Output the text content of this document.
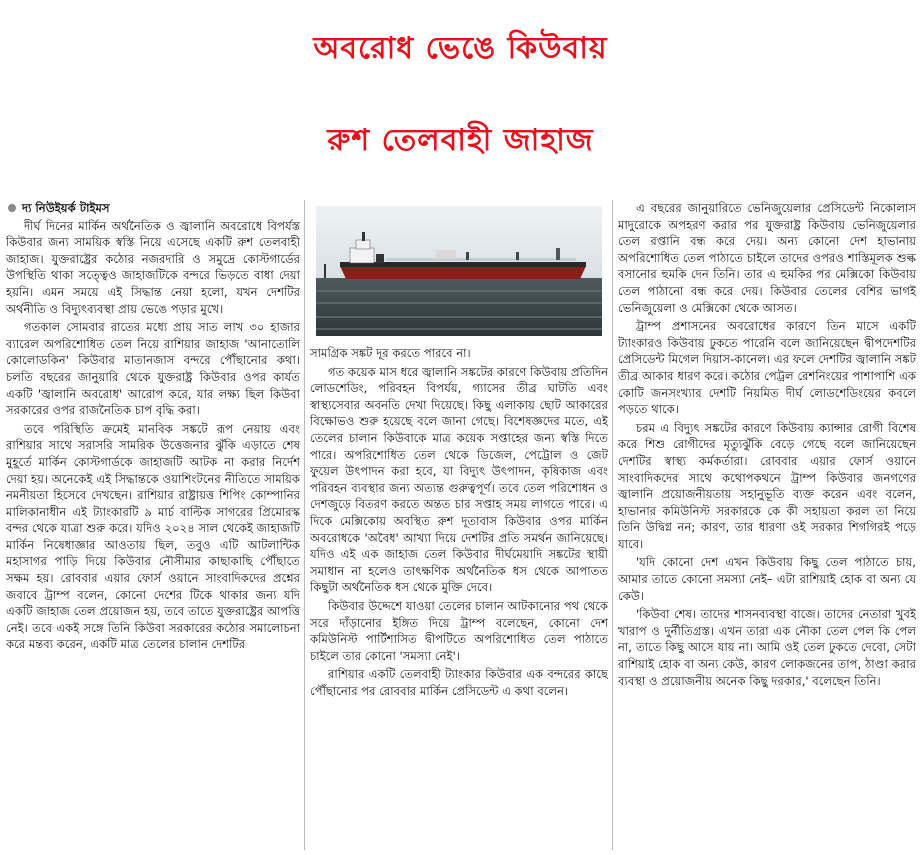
অবরোধ ভেঙে কিউবায়
রুশ তেলবাহী জাহাজ
দ্য নিউইয়র্ক টাইমস

দীর্ঘ দিনের মার্কিন অর্থনৈতিক ও জ্বালানি অবরোধে বিপর্যস্ত কিউবার জন্য সাময়িক স্বস্তি নিয়ে এসেছে একটি রুশ তেলবাহী জাহাজ। যুক্তরাষ্ট্রের কঠোর নজরদারি ও সমুদ্রে কোস্টগার্ডের উপস্থিতি থাকা সত্ত্বেও জাহাজটিকে বন্দরে ভিড়তে বাধা দেয়া হয়নি। এমন সময়ে এই সিদ্ধান্ত নেয়া হলো, যখন দেশটির অর্থনীতি ও বিদ্যুৎব্যবস্থা প্রায় ভেঙে পড়ার মুখে।

গতকাল সোমবার রাতের মধ্যে প্রায় সাত লাখ ৩০ হাজার ব্যারেল অপরিশোধিত তেল নিয়ে রাশিয়ার জাহাজ 'আনাতোলি কোলোডকিন' কিউবার মাতানজাস বন্দরে পৌঁছানোর কথা। চলতি বছরের জানুয়ারি থেকে যুক্তরাষ্ট্র কিউবার ওপর কার্যত একটি 'জ্বালানি অবরোধ' আরোপ করে, যার লক্ষ্য ছিল কিউবা সরকারের ওপর রাজনৈতিক চাপ বৃদ্ধি করা।

তবে পরিস্থিতি ক্রমেই মানবিক সঙ্কটে রূপ নেয়ায় এবং রাশিয়ার সাথে সরাসরি সামরিক উত্তেজনার ঝুঁকি এড়াতে শেষ মুহূর্তে মার্কিন কোস্টগার্ডকে জাহাজটি আটক না করার নির্দেশ দেয়া হয়। অনেকেই এই সিদ্ধান্তকে ওয়াশিংটনের নীতিতে সাময়িক নমনীয়তা হিসেবে দেখছেন। রাশিয়ার রাষ্ট্রায়ত্ত শিপিং কোম্পানির মালিকানাধীন এই ট্যাংকারটি ৯ মার্চ বাল্টিক সাগরের প্রিমোরস্ক বন্দর থেকে যাত্রা শুরু করে। যদিও ২০২৪ সাল থেকেই জাহাজটি মার্কিন নিষেধাজ্ঞার আওতায় ছিল, তবুও এটি আটলান্টিক মহাসাগর পাড়ি দিয়ে কিউবার নৌসীমার কাছাকাছি পৌঁছাতে সক্ষম হয়। রোববার এয়ার ফোর্স ওয়ানে সাংবাদিকদের প্রশ্নের জবাবে ট্রাম্প বলেন, কোনো দেশের টিকে থাকার জন্য যদি একটি জাহাজ তেল প্রয়োজন হয়, তবে তাতে যুক্তরাষ্ট্রের আপত্তি নেই। তবে একই সঙ্গে তিনি কিউবা সরকারের কঠোর সমালোচনা করে মন্তব্য করেন, একটি মাত্র তেলের চালান দেশটির

সামগ্রিক সঙ্কট দূর করতে পারবে না।

গত কয়েক মাস ধরে জ্বালানি সঙ্কটের কারণে কিউবায় প্রতিদিন লোডশেডিং, পরিবহন বিপর্যয়, গ্যাসের তীব্র ঘাটতি এবং স্বাস্থ্যসেবার অবনতি দেখা দিয়েছে। কিছু এলাকায় ছোট আকারের বিক্ষোভও শুরু হয়েছে বলে জানা গেছে। বিশেষজ্ঞদের মতে, এই তেলের চালান কিউবাকে মাত্র কয়েক সপ্তাহের জন্য স্বস্তি দিতে পারে। অপরিশোধিত তেল থেকে ডিজেল, পেট্রোল ও জেট ফুয়েল উৎপাদন করা হবে, যা বিদ্যুৎ উৎপাদন, কৃষিকাজ এবং পরিবহন ব্যবস্থার জন্য অত্যন্ত গুরুত্বপূর্ণ। তবে তেল পরিশোধন ও দেশজুড়ে বিতরণ করতে অন্তত চার সপ্তাহ সময় লাগতে পারে। এ দিকে মেক্সিকোয় অবস্থিত রুশ দূতাবাস কিউবার ওপর মার্কিন অবরোধকে 'অবৈধ' আখ্যা দিয়ে দেশটির প্রতি সমর্থন জানিয়েছে। যদিও এই এক জাহাজ তেল কিউবার দীর্ঘমেয়াদি সঙ্কটের স্থায়ী সমাধান না হলেও তাৎক্ষণিক অর্থনৈতিক ধস থেকে আপাতত কিছুটা অর্থনৈতিক ধস থেকে মুক্তি দেবে।

কিউবার উদ্দেশে যাওয়া তেলের চালান আটকানোর পথ থেকে সরে দাঁড়ানোর ইঙ্গিত দিয়ে ট্রাম্প বলেছেন, কোনো দেশ কমিউনিস্ট পার্টিশাসিত দ্বীপটিতে অপরিশোধিত তেল পাঠাতে চাইলে তার কোনো 'সমস্যা নেই'।

রাশিয়ার একটি তেলবাহী ট্যাংকার কিউবার এক বন্দরের কাছে পৌঁছানোর পর রোববার মার্কিন প্রেসিডেন্ট এ কথা বলেন।

এ বছরের জানুয়ারিতে ভেনিজুয়েলার প্রেসিডেন্ট নিকোলাস মাদুরোকে অপহরণ করার পর যুক্তরাষ্ট্র কিউবায় ভেনিজুয়েলার তেল রপ্তানি বন্ধ করে দেয়। অন্য কোনো দেশ হাভানায় অপরিশোধিত তেল পাঠাতে চাইলে তাদের ওপরও শাস্তিমূলক শুল্ক বসানোর হুমকি দেন তিনি। তার এ হুমকির পর মেক্সিকো কিউবায় তেল পাঠানো বন্ধ করে দেয়। কিউবার তেলের বেশির ভাগই ভেনিজুয়েলা ও মেক্সিকো থেকে আসত।

ট্রাম্প প্রশাসনের অবরোধের কারণে তিন মাসে একটি ট্যাংকারও কিউবায় ঢুকতে পারেনি বলে জানিয়েছেন দ্বীপদেশটির প্রেসিডেন্ট মিগেল দিয়াস-কানেল। এর ফলে দেশটির জ্বালানি সঙ্কট তীব্র আকার ধারণ করে। কঠোর পেট্রল রেশনিংয়ের পাশাপাশি এক কোটি জনসংখ্যার দেশটি নিয়মিত দীর্ঘ লোডশেডিংয়ের কবলে পড়তে থাকে।

চরম এ বিদ্যুৎ সঙ্কটের কারণে কিউবায় ক্যান্সার রোগী বিশেষ করে শিশু রোগীদের মৃত্যুঝুঁকি বেড়ে গেছে বলে জানিয়েছেন দেশটির স্বাস্থ্য কর্মকর্তারা। রোববার এয়ার ফোর্স ওয়ানে সাংবাদিকদের সাথে কথোপকথনে ট্রাম্প কিউবার জনগণের জ্বালানি প্রয়োজনীয়তায় সহানুভূতি ব্যক্ত করেন এবং বলেন, হাভানার কমিউনিস্ট সরকারকে কে কী সহায়তা করল তা নিয়ে তিনি উদ্বিগ্ন নন; কারণ, তার ধারণা ওই সরকার শিগগিরই পড়ে যাবে।

'যদি কোনো দেশ এখন কিউবায় কিছু তেল পাঠাতে চায়, আমার তাতে কোনো সমস্যা নেই– এটা রাশিয়াই হোক বা অন্য যে কেউ।

'কিউবা শেষ। তাদের শাসনব্যবস্থা বাজে। তাদের নেতারা খুবই খারাপ ও দুর্নীতিগ্রস্ত। এখন তারা এক নৌকা তেল পেল কি পেল না, তাতে কিছু আসে যায় না। আমি ওই তেল ঢুকতে দেবো, সেটা রাশিয়াই হোক বা অন্য কেউ, কারণ লোকজনের তাপ, ঠাণ্ডা করার ব্যবস্থা ও প্রয়োজনীয় অনেক কিছু দরকার,' বলেছেন তিনি।
